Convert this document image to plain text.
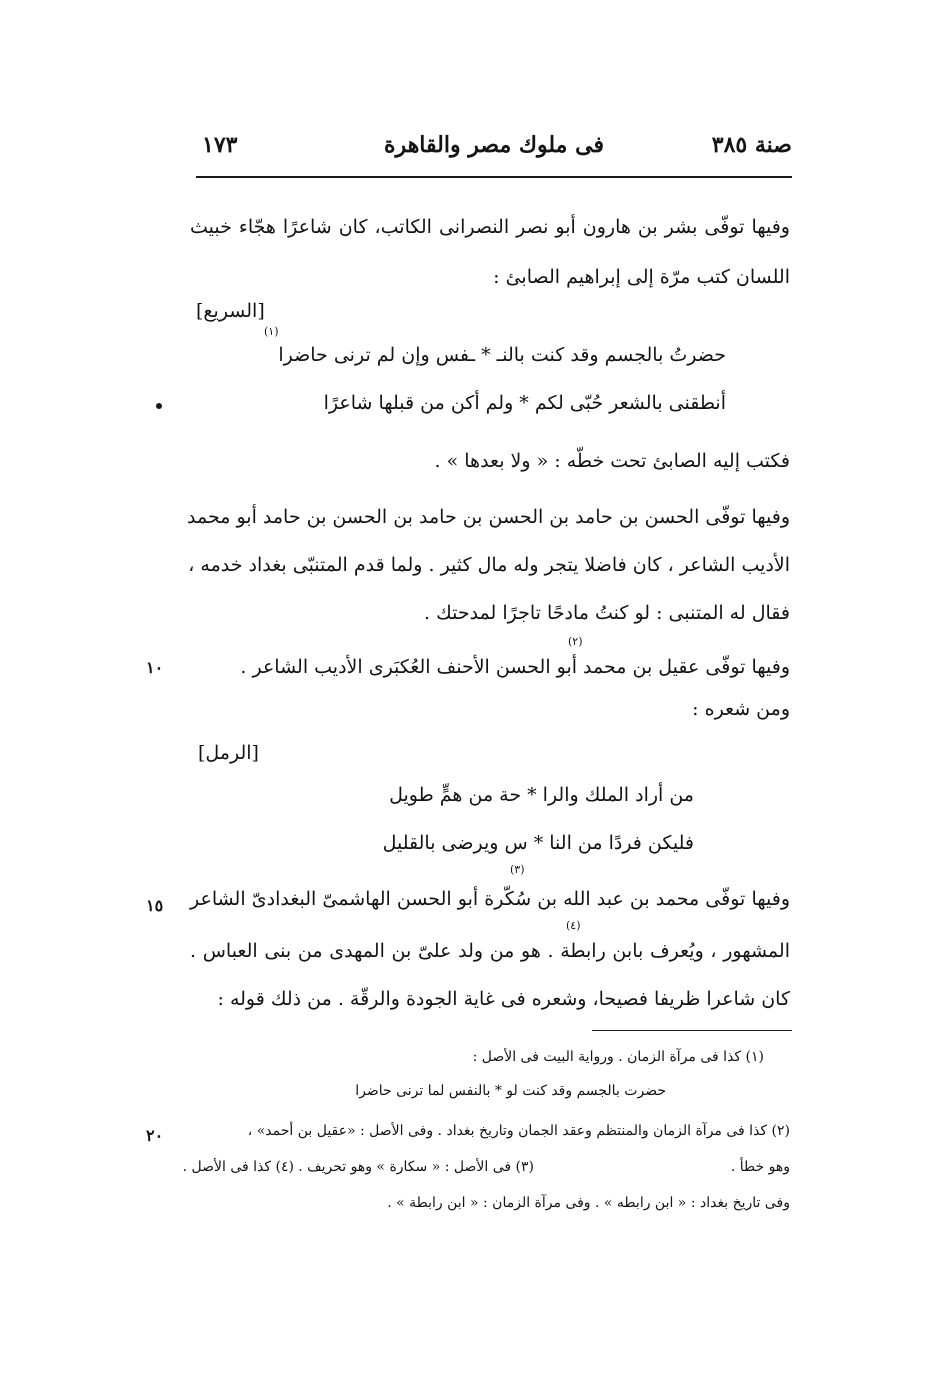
صنة ٣٨٥
فى ملوك مصر والقاهرة
١٧٣
وفيها توفّى بشر بن هارون أبو نصر النصرانى الكاتب، كان شاعرًا هجّاء خبيث
اللسان كتب مرّة إلى إبراهيم الصابئ :
[السريع]
(١)
حضرتُ بالجسم وقد كنت بالنـ * ـفس وإن لم ترنى حاضرا
أنطقنى بالشعر حُبّى لكم * ولم أكن من قبلها شاعرًا
فكتب إليه الصابئ تحت خطّه : « ولا بعدها » .
وفيها توفّى الحسن بن حامد بن الحسن بن حامد بن الحسن بن حامد أبو محمد
الأديب الشاعر ، كان فاضلا يتجر وله مال كثير . ولما قدم المتنبّى بغداد خدمه ،
فقال له المتنبى : لو كنتُ مادحًا تاجرًا لمدحتك .
(٢)
وفيها توفّى عقيل بن محمد أبو الحسن الأحنف العُكبَرى الأديب الشاعر .
١٠
ومن شعره :
[الرمل]
من أراد الملك والرا * حة من همٍّ طويل
فليكن فردًا من النا * س ويرضى بالقليل
(٣)
وفيها توفّى محمد بن عبد الله بن سُكّرة أبو الحسن الهاشمىّ البغدادىّ الشاعر
١٥
(٤)
المشهور ، ويُعرف بابن رابطة . هو من ولد علىّ بن المهدى من بنى العباس .
كان شاعرا ظريفا فصيحا، وشعره فى غاية الجودة والرقّة . من ذلك قوله :
(١) كذا فى مرآة الزمان . ورواية البيت فى الأصل :
حضرت بالجسم وقد كنت لو * بالنفس لما ترنى حاضرا
(٢) كذا فى مرآة الزمان والمنتظم وعقد الجمان وتاريخ بغداد . وفى الأصل : «عقيل بن أحمد» ،
٢٠
وهو خطأ .
(٣) فى الأصل : « سكارة » وهو تحريف .
(٤) كذا فى الأصل .
وفى تاريخ بغداد : « ابن رابطه » . وفى مرآة الزمان : « ابن رابطة » .
